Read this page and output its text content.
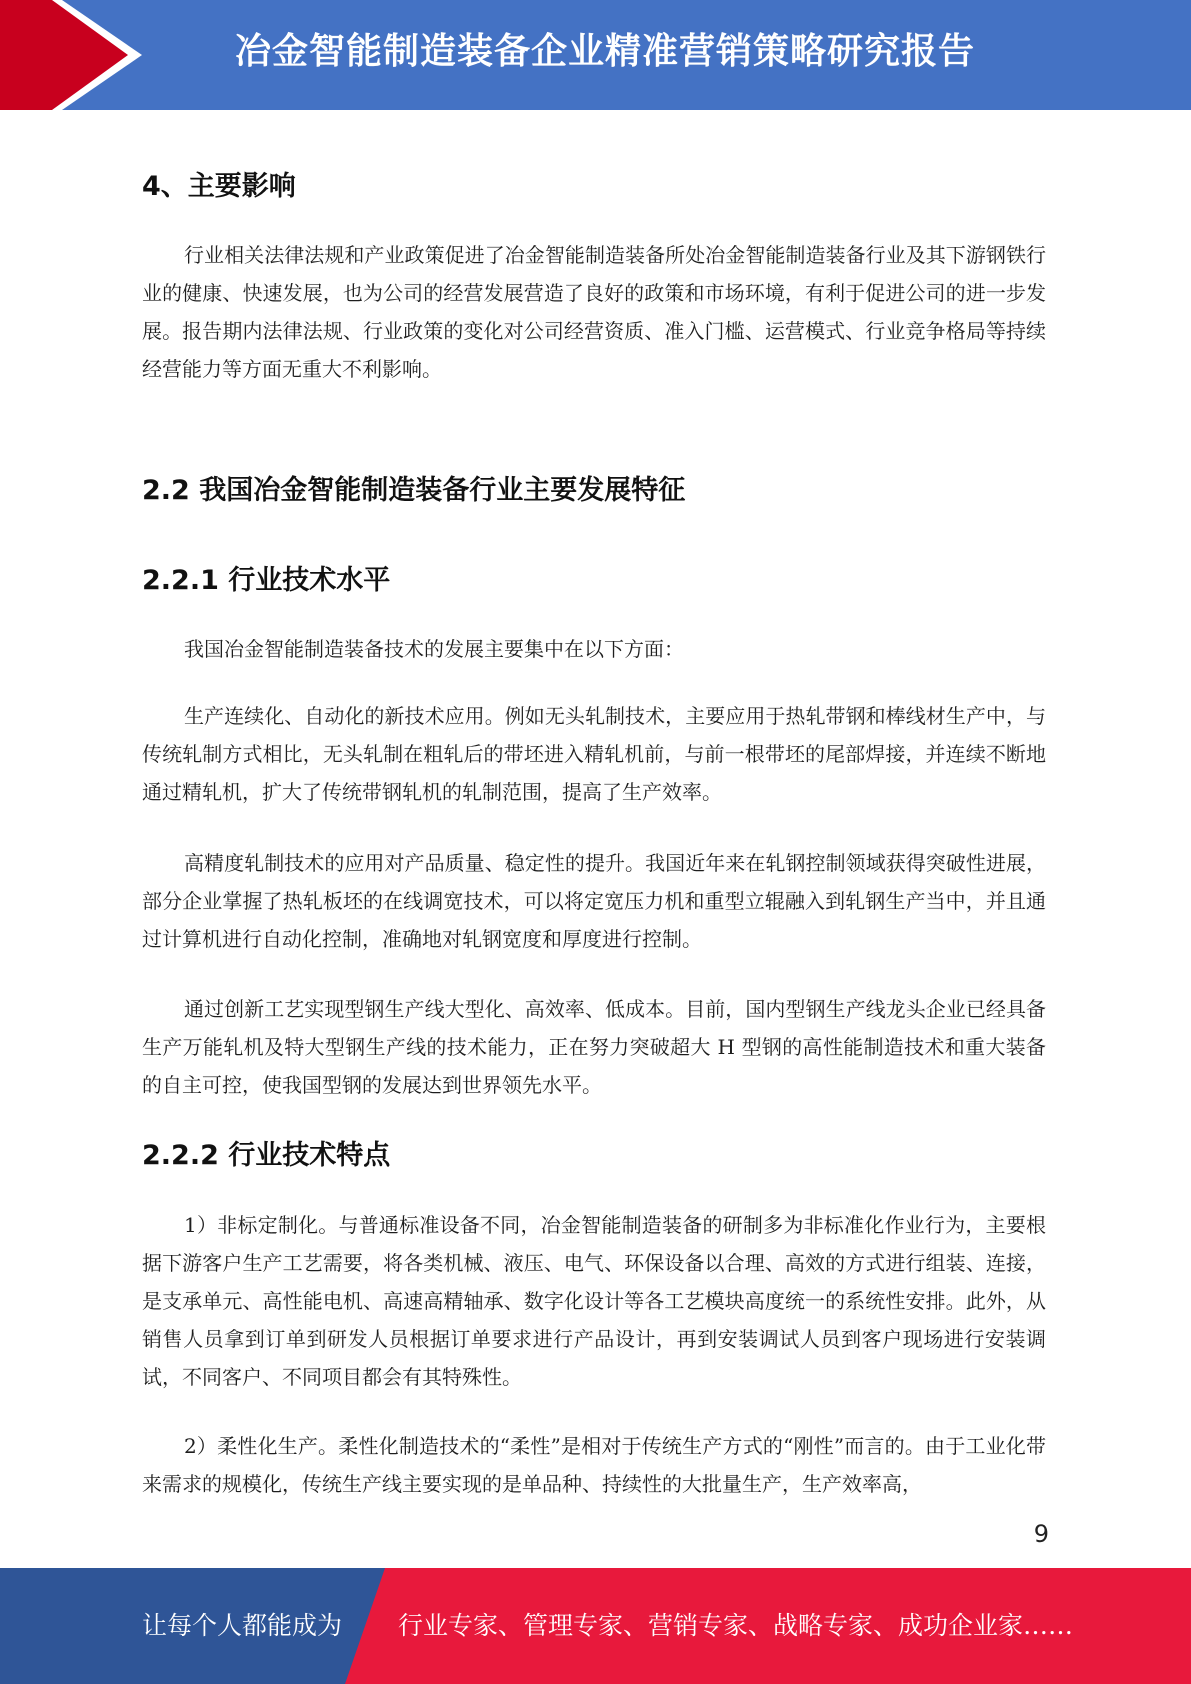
冶金智能制造装备企业精准营销策略研究报告
4、主要影响

行业相关法律法规和产业政策促进了冶金智能制造装备所处冶金智能制造装备行业及其下游钢铁行业的健康、快速发展，也为公司的经营发展营造了良好的政策和市场环境，有利于促进公司的进一步发展。报告期内法律法规、行业政策的变化对公司经营资质、准入门槛、运营模式、行业竞争格局等持续经营能力等方面无重大不利影响。

2.2 我国冶金智能制造装备行业主要发展特征
2.2.1 行业技术水平

我国冶金智能制造装备技术的发展主要集中在以下方面：

生产连续化、自动化的新技术应用。例如无头轧制技术，主要应用于热轧带钢和棒线材生产中，与传统轧制方式相比，无头轧制在粗轧后的带坯进入精轧机前，与前一根带坯的尾部焊接，并连续不断地通过精轧机，扩大了传统带钢轧机的轧制范围，提高了生产效率。

高精度轧制技术的应用对产品质量、稳定性的提升。我国近年来在轧钢控制领域获得突破性进展，部分企业掌握了热轧板坯的在线调宽技术，可以将定宽压力机和重型立辊融入到轧钢生产当中，并且通过计算机进行自动化控制，准确地对轧钢宽度和厚度进行控制。

通过创新工艺实现型钢生产线大型化、高效率、低成本。目前，国内型钢生产线龙头企业已经具备生产万能轧机及特大型钢生产线的技术能力，正在努力突破超大 H 型钢的高性能制造技术和重大装备的自主可控，使我国型钢的发展达到世界领先水平。

2.2.2 行业技术特点

1）非标定制化。与普通标准设备不同，冶金智能制造装备的研制多为非标准化作业行为，主要根据下游客户生产工艺需要，将各类机械、液压、电气、环保设备以合理、高效的方式进行组装、连接，是支承单元、高性能电机、高速高精轴承、数字化设计等各工艺模块高度统一的系统性安排。此外，从销售人员拿到订单到研发人员根据订单要求进行产品设计，再到安装调试人员到客户现场进行安装调试，不同客户、不同项目都会有其特殊性。

2）柔性化生产。柔性化制造技术的“柔性”是相对于传统生产方式的“刚性”而言的。由于工业化带来需求的规模化，传统生产线主要实现的是单品种、持续性的大批量生产，生产效率高，

9
让每个人都能成为 行业专家、管理专家、营销专家、战略专家、成功企业家……
